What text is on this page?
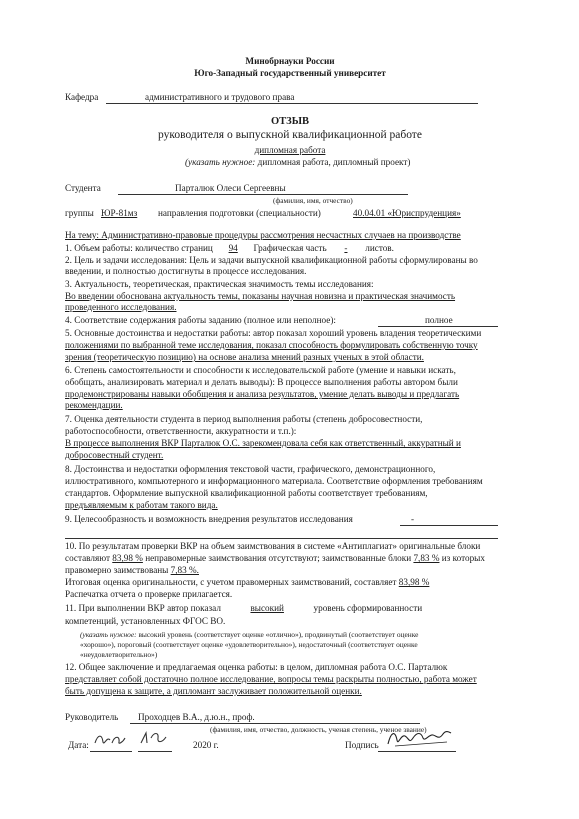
Минобрнауки России
Юго-Западный государственный университет
Кафедра	административного и трудового права
ОТЗЫВ
руководителя о выпускной квалификационной работе
дипломная работа
(указать нужное: дипломная работа, дипломный проект)
Студента	Парталюк Олеси Сергеевны
(фамилия, имя, отчество)
группы ЮР-81мз направления подготовки (специальности)	40.04.01 «Юриспруденция»
На тему: Административно-правовые процедуры рассмотрения несчастных случаев на производстве
1. Объем работы: количество страниц 94 Графическая часть - листов.
2. Цель и задачи исследования: Цель и задачи выпускной квалификационной работы сформулированы во
введении, и полностью достигнуты в процессе исследования.
3. Актуальность, теоретическая, практическая значимость темы исследования:
Во введении обоснована актуальность темы, показаны научная новизна и практическая значимость
проведенного исследования.
4. Соответствие содержания работы заданию (полное или неполное):	полное
5. Основные достоинства и недостатки работы: автор показал хороший уровень владения теоретическими
положениями по выбранной теме исследования, показал способность формулировать собственную точку
зрения (теоретическую позицию) на основе анализа мнений разных ученых в этой области.
6. Степень самостоятельности и способности к исследовательской работе (умение и навыки искать,
обобщать, анализировать материал и делать выводы): В процессе выполнения работы автором были
продемонстрированы навыки обобщения и анализа результатов, умение делать выводы и предлагать
рекомендации.
7. Оценка деятельности студента в период выполнения работы (степень добросовестности,
работоспособности, ответственности, аккуратности и т.п.):
В процессе выполнения ВКР Парталюк О.С. зарекомендовала себя как ответственный, аккуратный и
добросовестный студент.
8. Достоинства и недостатки оформления текстовой части, графического, демонстрационного,
иллюстративного, компьютерного и информационного материала. Соответствие оформления требованиям
стандартов. Оформление выпускной квалификационной работы соответствует требованиям,
предъявляемым к работам такого вида.
9. Целесообразность и возможность внедрения результатов исследования	-
10. По результатам проверки ВКР на объем заимствования в системе «Антиплагиат» оригинальные блоки
составляют 83,98 % неправомерные заимствования отсутствуют; заимствованные блоки 7,83 % из которых
правомерно заимствованы 7,83 %.
Итоговая оценка оригинальности, с учетом правомерных заимствований, составляет 83,98 %
Распечатка отчета о проверке прилагается.
11. При выполнении ВКР автор показал	высокий	уровень сформированности
компетенций, установленных ФГОС ВО.
(указать нужное: высокий уровень (соответствует оценке «отлично»), продвинутый (соответствует оценке
«хорошо»), пороговый (соответствует оценке «удовлетворительно»), недостаточный (соответствует оценке
«неудовлетворительно»)
12. Общее заключение и предлагаемая оценка работы: в целом, дипломная работа О.С. Парталюк
представляет собой достаточно полное исследование, вопросы темы раскрыты полностью, работа может
быть допущена к защите, а дипломант заслуживает положительной оценки.
Руководитель Проходцев В.А., д.ю.н., проф.
(фамилия, имя, отчество, должность, ученая степень, ученое звание)
Дата:	2020 г.	Подпись
